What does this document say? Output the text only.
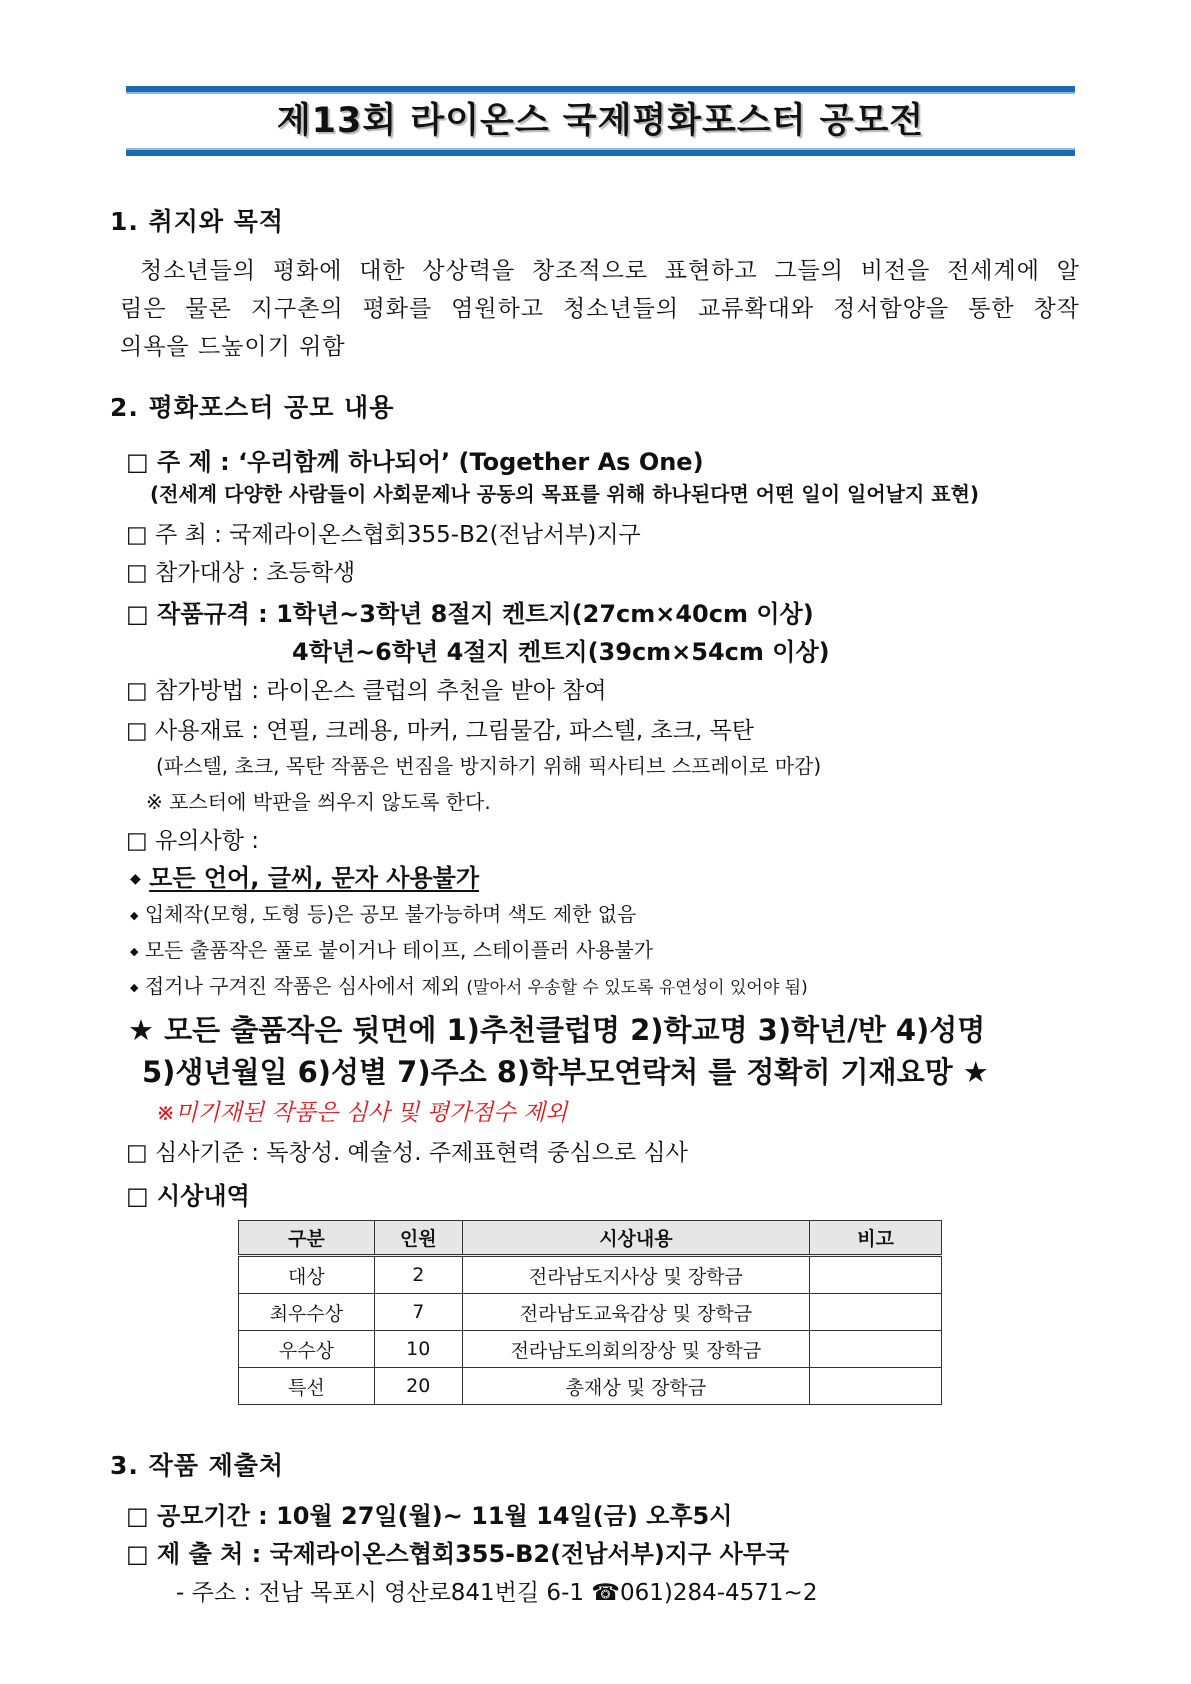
제13회 라이온스 국제평화포스터 공모전
1. 취지와 목적
청소년들의 평화에 대한 상상력을 창조적으로 표현하고 그들의 비전을 전세계에 알
림은 물론 지구촌의 평화를 염원하고 청소년들의 교류확대와 정서함양을 통한 창작
의욕을 드높이기 위함
2. 평화포스터 공모 내용
□ 주 제 : ‘우리함께 하나되어’ (Together As One)
(전세계 다양한 사람들이 사회문제나 공동의 목표를 위해 하나된다면 어떤 일이 일어날지 표현)
□ 주 최 : 국제라이온스협회355-B2(전남서부)지구
□ 참가대상 : 초등학생
□ 작품규격 : 1학년~3학년 8절지 켄트지(27cm×40cm 이상)
4학년~6학년 4절지 켄트지(39cm×54cm 이상)
□ 참가방법 : 라이온스 클럽의 추천을 받아 참여
□ 사용재료 : 연필, 크레용, 마커, 그림물감, 파스텔, 초크, 목탄
(파스텔, 초크, 목탄 작품은 번짐을 방지하기 위해 픽사티브 스프레이로 마감)
※ 포스터에 박판을 씌우지 않도록 한다.
□ 유의사항 :
◆ 모든 언어, 글씨, 문자 사용불가
◆ 입체작(모형, 도형 등)은 공모 불가능하며 색도 제한 없음
◆ 모든 출품작은 풀로 붙이거나 테이프, 스테이플러 사용불가
◆ 접거나 구겨진 작품은 심사에서 제외 (말아서 우송할 수 있도록 유연성이 있어야 됨)
★ 모든 출품작은 뒷면에 1)추천클럽명 2)학교명 3)학년/반 4)성명
5)생년월일 6)성별 7)주소 8)학부모연락처 를 정확히 기재요망 ★
※미기재된 작품은 심사 및 평가점수 제외
□ 심사기준 : 독창성. 예술성. 주제표현력 중심으로 심사
□ 시상내역
구분	인원	시상내용	비고
대상	2	전라남도지사상 및 장학금	
최우수상	7	전라남도교육감상 및 장학금	
우수상	10	전라남도의회의장상 및 장학금	
특선	20	총재상 및 장학금	
3. 작품 제출처
□ 공모기간 : 10월 27일(월)~ 11월 14일(금) 오후5시
□ 제 출 처 : 국제라이온스협회355-B2(전남서부)지구 사무국
- 주소 : 전남 목포시 영산로841번길 6-1 ☎061)284-4571~2
